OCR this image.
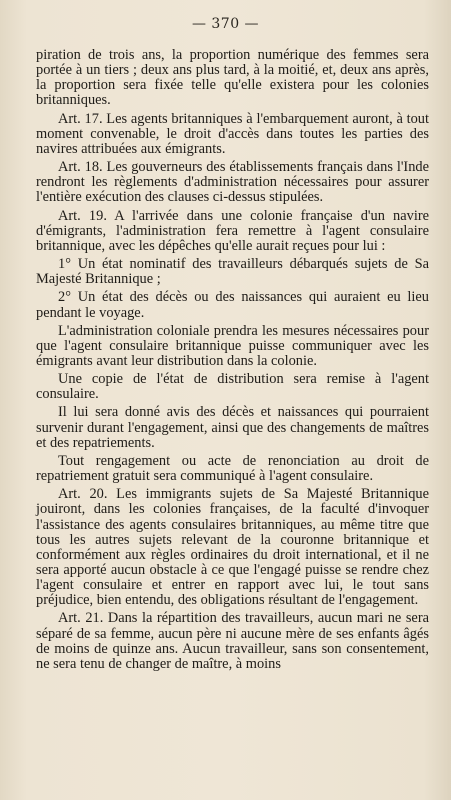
— 370 —

piration de trois ans, la proportion numérique des femmes sera portée à un tiers ; deux ans plus tard, à la moitié, et, deux ans après, la proportion sera fixée telle qu'elle existera pour les colonies britanniques.

Art. 17. Les agents britanniques à l'embarquement auront, à tout moment convenable, le droit d'accès dans toutes les parties des navires attribuées aux émigrants.

Art. 18. Les gouverneurs des établissements français dans l'Inde rendront les règlements d'administration nécessaires pour assurer l'entière exécution des clauses ci-dessus stipulées.

Art. 19. A l'arrivée dans une colonie française d'un navire d'émigrants, l'administration fera remettre à l'agent consulaire britannique, avec les dépêches qu'elle aurait reçues pour lui :

1° Un état nominatif des travailleurs débarqués sujets de Sa Majesté Britannique ;

2° Un état des décès ou des naissances qui auraient eu lieu pendant le voyage.

L'administration coloniale prendra les mesures nécessaires pour que l'agent consulaire britannique puisse communiquer avec les émigrants avant leur distribution dans la colonie.

Une copie de l'état de distribution sera remise à l'agent consulaire.

Il lui sera donné avis des décès et naissances qui pourraient survenir durant l'engagement, ainsi que des changements de maîtres et des repatriements.

Tout rengagement ou acte de renonciation au droit de repatriement gratuit sera communiqué à l'agent consulaire.

Art. 20. Les immigrants sujets de Sa Majesté Britannique jouiront, dans les colonies françaises, de la faculté d'invoquer l'assistance des agents consulaires britanniques, au même titre que tous les autres sujets relevant de la couronne britannique et conformément aux règles ordinaires du droit international, et il ne sera apporté aucun obstacle à ce que l'engagé puisse se rendre chez l'agent consulaire et entrer en rapport avec lui, le tout sans préjudice, bien entendu, des obligations résultant de l'engagement.

Art. 21. Dans la répartition des travailleurs, aucun mari ne sera séparé de sa femme, aucun père ni aucune mère de ses enfants âgés de moins de quinze ans. Aucun travailleur, sans son consentement, ne sera tenu de changer de maître, à moins
